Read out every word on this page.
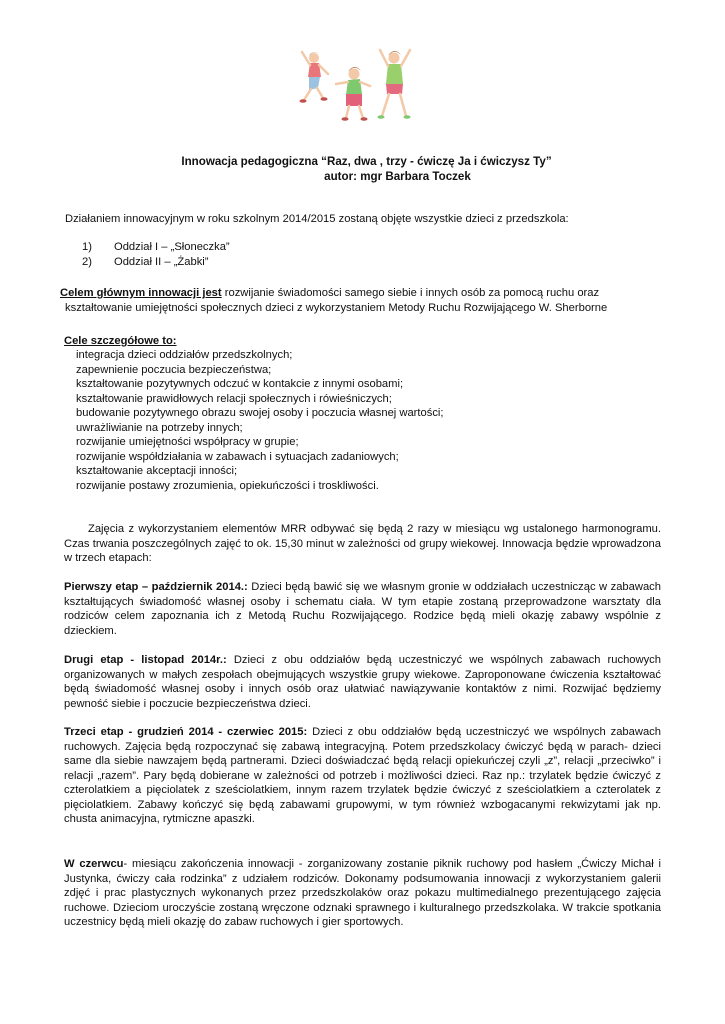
Innowacja pedagogiczna “Raz, dwa , trzy - ćwiczę Ja i ćwiczysz Ty”
autor: mgr Barbara Toczek
Działaniem innowacyjnym w roku szkolnym 2014/2015 zostaną objęte wszystkie dzieci z przedszkola:
1) Oddział I – „Słoneczka”
2) Oddział II – „Żabki”
Celem głównym innowacji jest rozwijanie świadomości samego siebie i innych osób za pomocą ruchu oraz
kształtowanie umiejętności społecznych dzieci z wykorzystaniem Metody Ruchu Rozwijającego W. Sherborne
Cele szczegółowe to:
integracja dzieci oddziałów przedszkolnych;
zapewnienie poczucia bezpieczeństwa;
kształtowanie pozytywnych odczuć w kontakcie z innymi osobami;
kształtowanie prawidłowych relacji społecznych i rówieśniczych;
budowanie pozytywnego obrazu swojej osoby i poczucia własnej wartości;
uwrażliwianie na potrzeby innych;
rozwijanie umiejętności współpracy w grupie;
rozwijanie współdziałania w zabawach i sytuacjach zadaniowych;
kształtowanie akceptacji inności;
rozwijanie postawy zrozumienia, opiekuńczości i troskliwości.
Zajęcia z wykorzystaniem elementów MRR odbywać się będą 2 razy w miesiącu wg ustalonego harmonogramu. Czas trwania poszczególnych zajęć to ok. 15,30 minut w zależności od grupy wiekowej. Innowacja będzie wprowadzona w trzech etapach:
Pierwszy etap – październik 2014.: Dzieci będą bawić się we własnym gronie w oddziałach uczestnicząc w zabawach kształtujących świadomość własnej osoby i schematu ciała. W tym etapie zostaną przeprowadzone warsztaty dla rodziców celem zapoznania ich z Metodą Ruchu Rozwijającego. Rodzice będą mieli okazję zabawy wspólnie z dzieckiem.
Drugi etap - listopad 2014r.: Dzieci z obu oddziałów będą uczestniczyć we wspólnych zabawach ruchowych organizowanych w małych zespołach obejmujących wszystkie grupy wiekowe. Zaproponowane ćwiczenia kształtować będą świadomość własnej osoby i innych osób oraz ułatwiać nawiązywanie kontaktów z nimi. Rozwijać będziemy pewność siebie i poczucie bezpieczeństwa dzieci.
Trzeci etap - grudzień 2014 - czerwiec 2015: Dzieci z obu oddziałów będą uczestniczyć we wspólnych zabawach ruchowych. Zajęcia będą rozpoczynać się zabawą integracyjną. Potem przedszkolacy ćwiczyć będą w parach- dzieci same dla siebie nawzajem będą partnerami. Dzieci doświadczać będą relacji opiekuńczej czyli „z”, relacji „przeciwko” i relacji „razem”. Pary będą dobierane w zależności od potrzeb i możliwości dzieci. Raz np.: trzylatek będzie ćwiczyć z czterolatkiem a pięciolatek z sześciolatkiem, innym razem trzylatek będzie ćwiczyć z sześciolatkiem a czterolatek z pięciolatkiem. Zabawy kończyć się będą zabawami grupowymi, w tym również wzbogacanymi rekwizytami jak np. chusta animacyjna, rytmiczne apaszki.
W czerwcu- miesiącu zakończenia innowacji - zorganizowany zostanie piknik ruchowy pod hasłem „Ćwiczy Michał i Justynka, ćwiczy cała rodzinka” z udziałem rodziców. Dokonamy podsumowania innowacji z wykorzystaniem galerii zdjęć i prac plastycznych wykonanych przez przedszkolaków oraz pokazu multimedialnego prezentującego zajęcia ruchowe. Dzieciom uroczyście zostaną wręczone odznaki sprawnego i kulturalnego przedszkolaka. W trakcie spotkania uczestnicy będą mieli okazję do zabaw ruchowych i gier sportowych.
